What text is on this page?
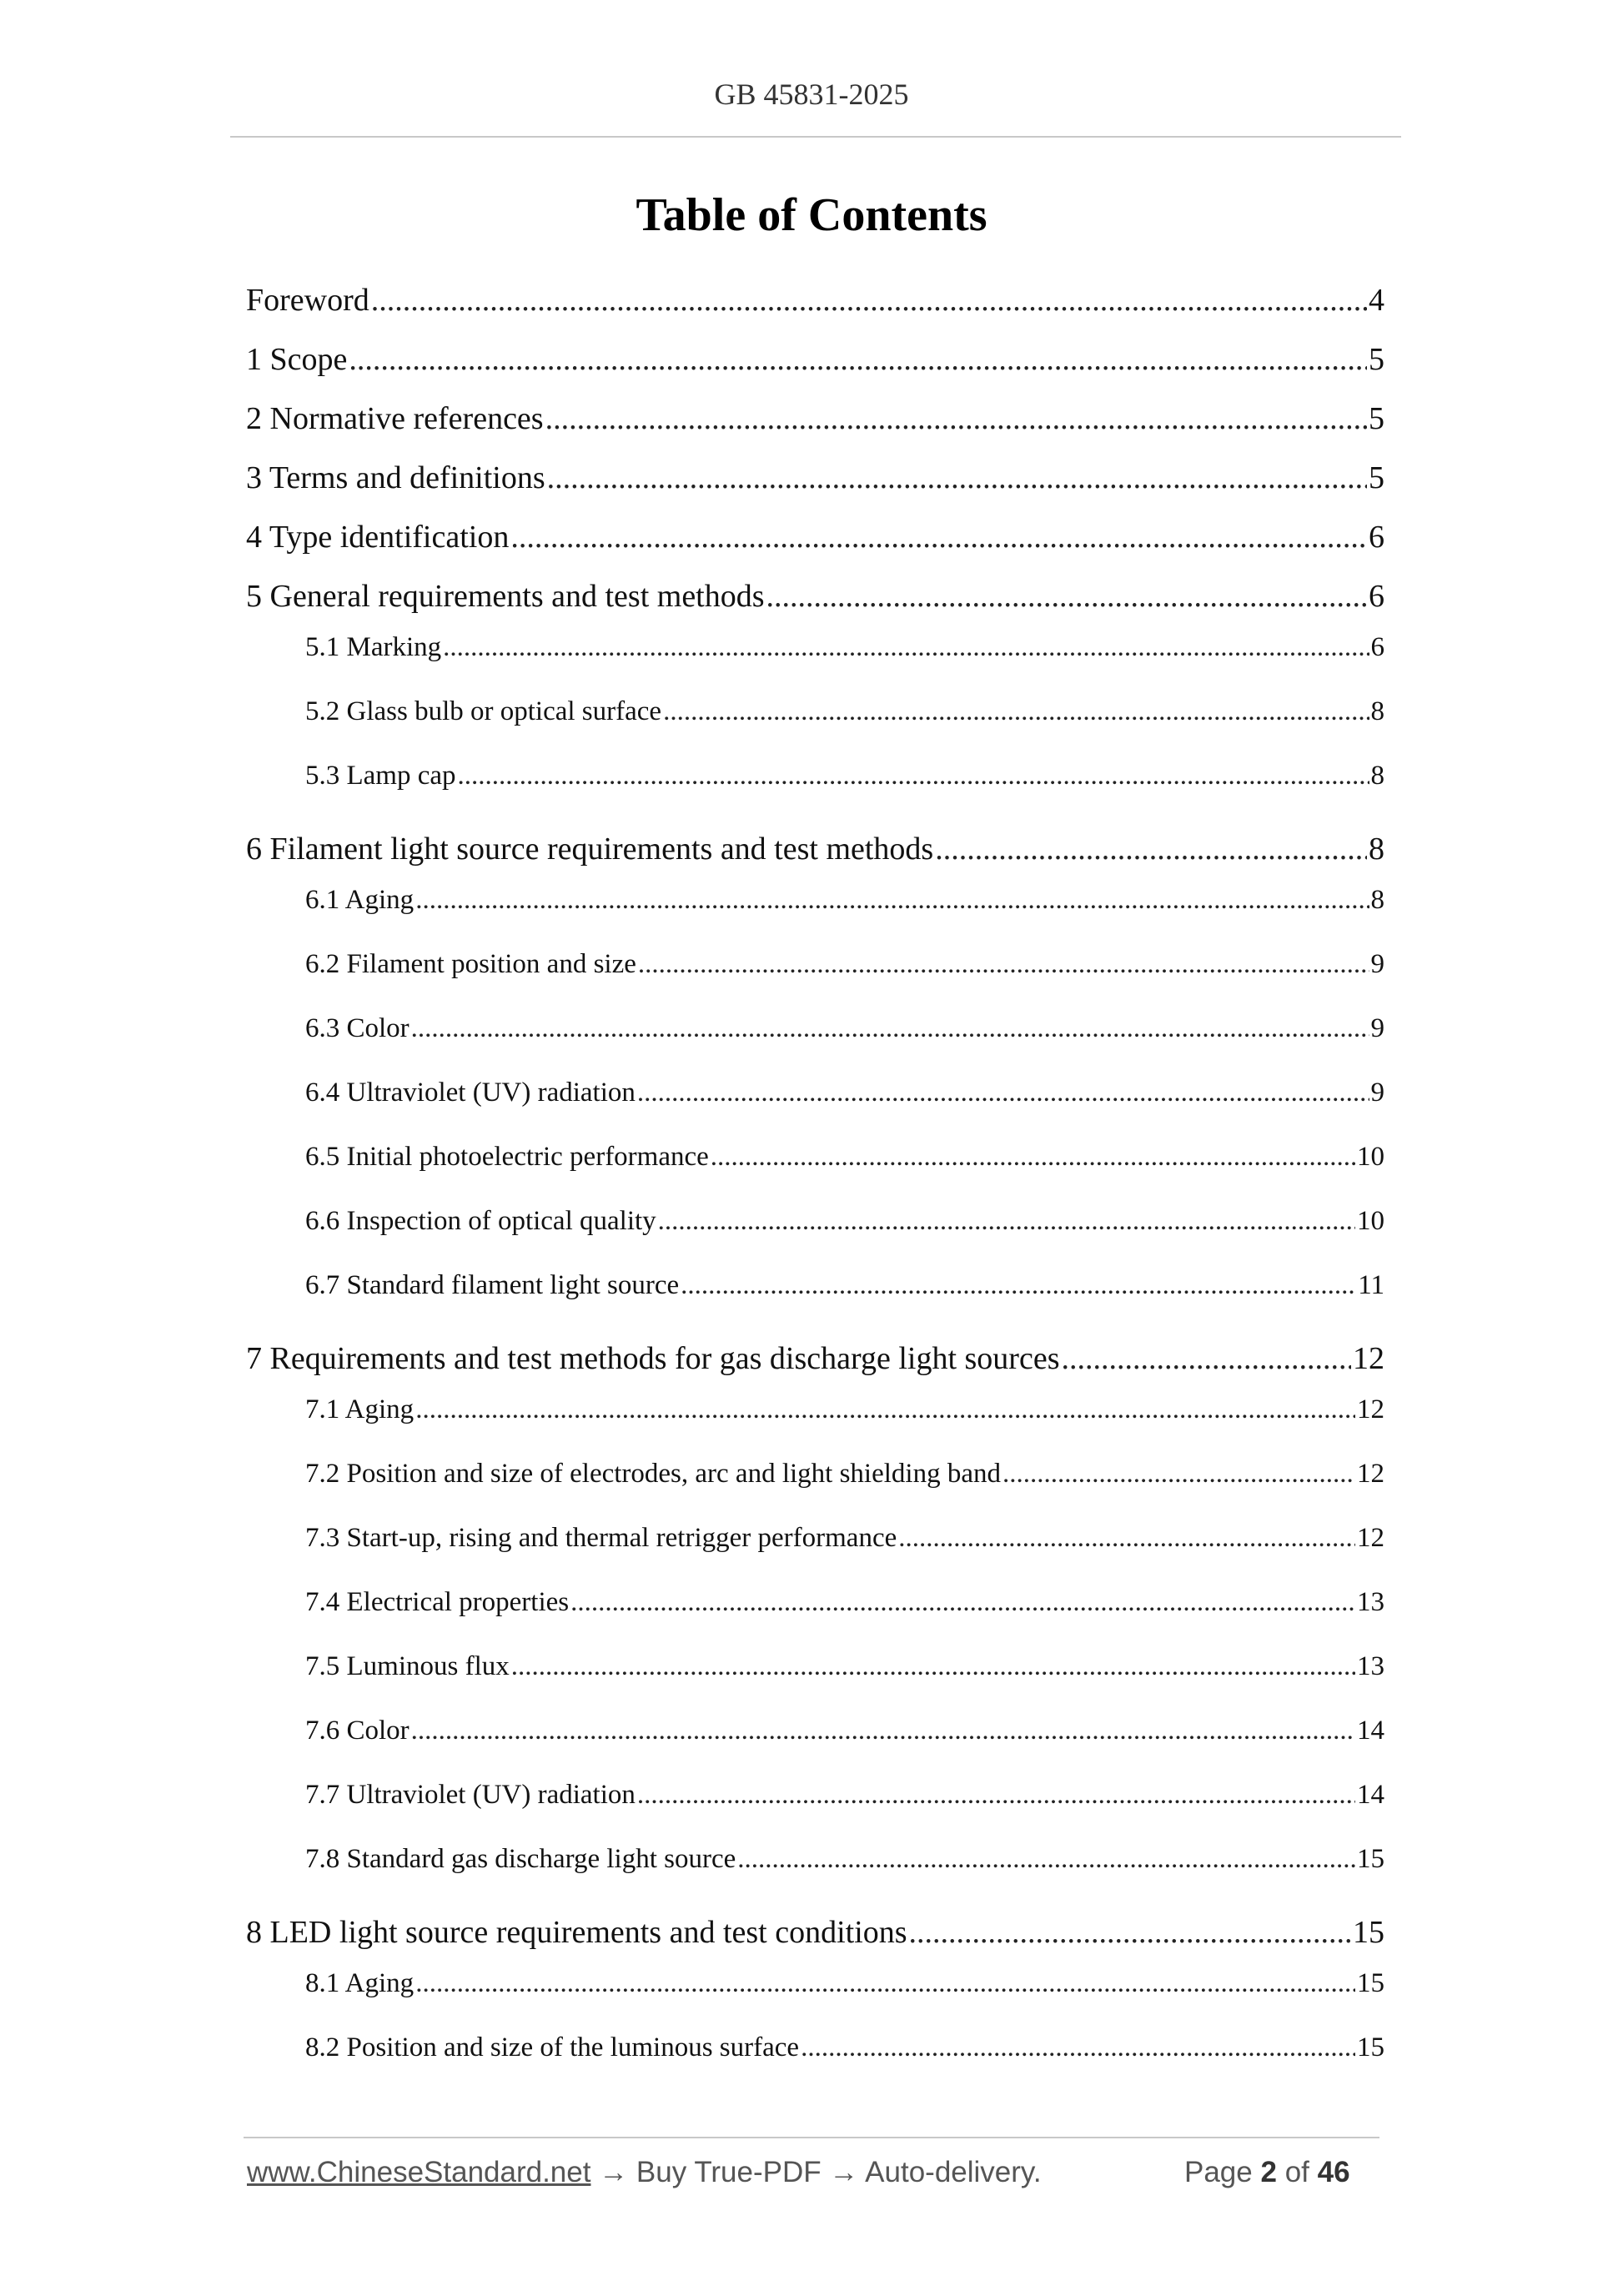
GB 45831-2025
Table of Contents
Foreword .....	4
1 Scope .....	5
2 Normative references .....	5
3 Terms and definitions .....	5
4 Type identification .....	6
5 General requirements and test methods .....	6
5.1 Marking .....	6
5.2 Glass bulb or optical surface .....	8
5.3 Lamp cap .....	8
6 Filament light source requirements and test methods .....	8
6.1 Aging .....	8
6.2 Filament position and size .....	9
6.3 Color .....	9
6.4 Ultraviolet (UV) radiation .....	9
6.5 Initial photoelectric performance .....	10
6.6 Inspection of optical quality .....	10
6.7 Standard filament light source .....	11
7 Requirements and test methods for gas discharge light sources .....	12
7.1 Aging .....	12
7.2 Position and size of electrodes, arc and light shielding band .....	12
7.3 Start-up, rising and thermal retrigger performance .....	12
7.4 Electrical properties .....	13
7.5 Luminous flux .....	13
7.6 Color .....	14
7.7 Ultraviolet (UV) radiation .....	14
7.8 Standard gas discharge light source .....	15
8 LED light source requirements and test conditions .....	15
8.1 Aging .....	15
8.2 Position and size of the luminous surface .....	15
www.ChineseStandard.net → Buy True-PDF → Auto-delivery.	Page 2 of 46
